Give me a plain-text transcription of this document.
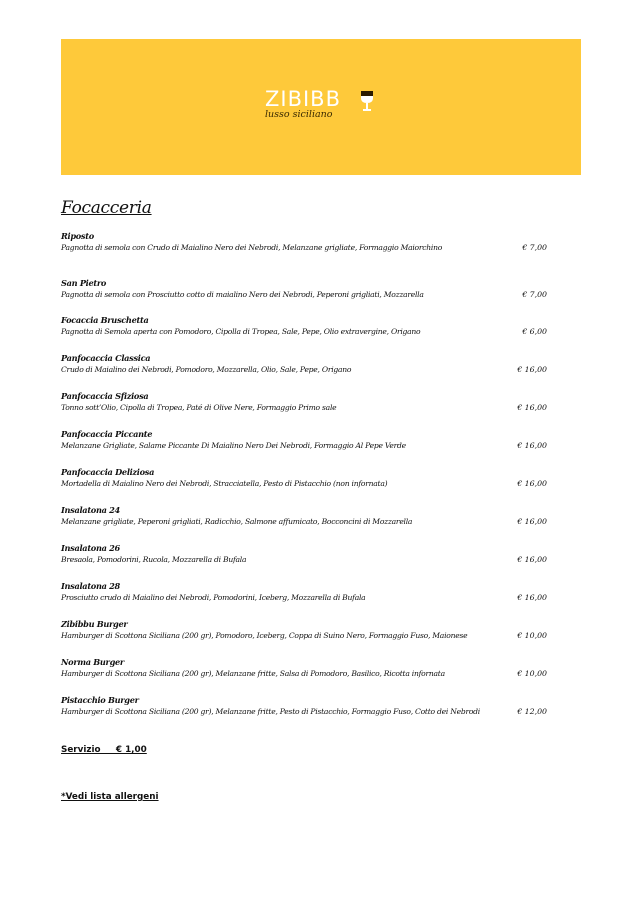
ZIBIBB
lusso siciliano
Focacceria
Riposto
Pagnotta di semola con Crudo di Maialino Nero dei Nebrodi, Melanzane grigliate, Formaggio Maiorchino	€ 7,00
San Pietro
Pagnotta di semola con Prosciutto cotto di maialino Nero dei Nebrodi, Peperoni grigliati, Mozzarella	€ 7,00
Focaccia Bruschetta
Pagnotta di Semola aperta con Pomodoro, Cipolla di Tropea, Sale, Pepe, Olio extravergine, Origano	€ 6,00
Panfocaccia Classica
Crudo di Maialino dei Nebrodi, Pomodoro, Mozzarella, Olio, Sale, Pepe, Origano	€ 16,00
Panfocaccia Sfiziosa
Tonno sott’Olio, Cipolla di Tropea, Paté di Olive Nere, Formaggio Primo sale	€ 16,00
Panfocaccia Piccante
Melanzane Grigliate, Salame Piccante Di Maialino Nero Dei Nebrodi, Formaggio Al Pepe Verde	€ 16,00
Panfocaccia Deliziosa
Mortadella di Maialino Nero dei Nebrodi, Stracciatella, Pesto di Pistacchio (non infornata)	€ 16,00
Insalatona 24
Melanzane grigliate, Peperoni grigliati, Radicchio, Salmone affumicato, Bocconcini di Mozzarella	€ 16,00
Insalatona 26
Bresaola, Pomodorini, Rucola, Mozzarella di Bufala	€ 16,00
Insalatona 28
Prosciutto crudo di Maialino dei Nebrodi, Pomodorini, Iceberg, Mozzarella di Bufala	€ 16,00
Zibibbu Burger
Hamburger di Scottona Siciliana (200 gr), Pomodoro, Iceberg, Coppa di Suino Nero, Formaggio Fuso, Maionese	€ 10,00
Norma Burger
Hamburger di Scottona Siciliana (200 gr), Melanzane fritte, Salsa di Pomodoro, Basilico, Ricotta infornata	€ 10,00
Pistacchio Burger
Hamburger di Scottona Siciliana (200 gr), Melanzane fritte, Pesto di Pistacchio, Formaggio Fuso, Cotto dei Nebrodi	€ 12,00
Servizio     € 1,00
*Vedi lista allergeni
